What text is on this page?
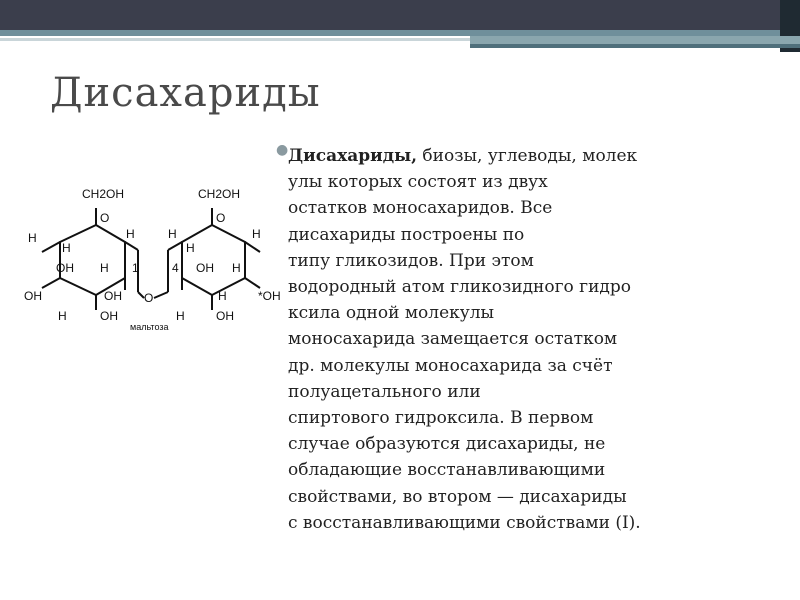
Дисахариды
CH2OH
O
H
H
H
OH
OH H
OH
H
OH
1
O
CH2OH
O
H
H
4
H
OH H
*OH
H	OH
H
мальтоза
● Дисахариды, биозы, углеводы, молек
улы которых состоят из двух
остатков моносахаридов. Все
дисахариды построены по
типу гликозидов. При этом
водородный атом гликозидного гидро
ксила одной молекулы
моносахарида замещается остатком
др. молекулы моносахарида за счёт
полуацетального или
спиртового гидроксила. В первом
случае образуются дисахариды, не
обладающие восстанавливающими
свойствами, во втором — дисахариды
с восстанавливающими свойствами (I).
